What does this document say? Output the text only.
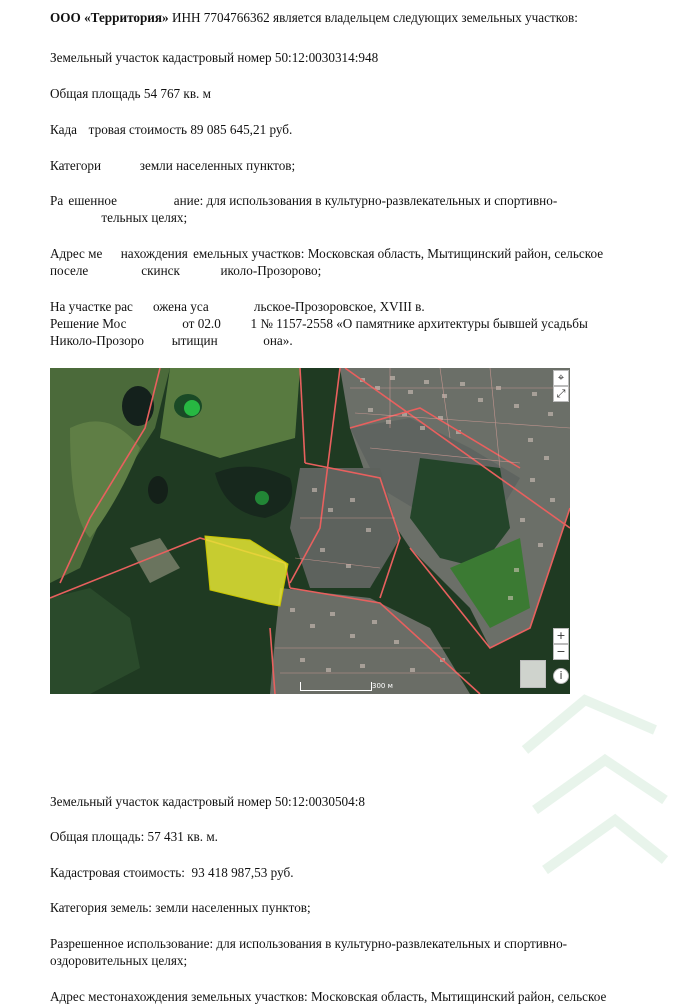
ООО «Территория» ИНН 7704766362 является владельцем следующих земельных участков:
Земельный участок кадастровый номер 50:12:0030314:948
Общая площадь 54 767 кв. м
Када тровая стоимость 89 085 645,21 руб.
Категори	земли населенных пунктов;
Ра ешенное	ание: для использования в культурно-развлекательных и спортивно-
тельных целях;
Адрес ме нахождения емельных участков: Московская область, Мытищинский район, сельское
поселе	скинск	иколо-Прозорово;
На участке рас ожена уса	льское-Прозоровское, XVIII в.
Решение Мос	от 02.0 1 № 1157-2558 «О памятнике архитектуры бывшей усадьбы
Николо-Прозоро ытищин	она».
⌖
⤢
+
−
i
300 м
Земельный участок кадастровый номер 50:12:0030504:8
Общая площадь: 57 431 кв. м.
Кадастровая стоимость:  93 418 987,53 руб.
Категория земель: земли населенных пунктов;
Разрешенное использование: для использования в культурно-развлекательных и спортивно-
оздоровительных целях;
Адрес местонахождения земельных участков: Московская область, Мытищинский район, сельское
